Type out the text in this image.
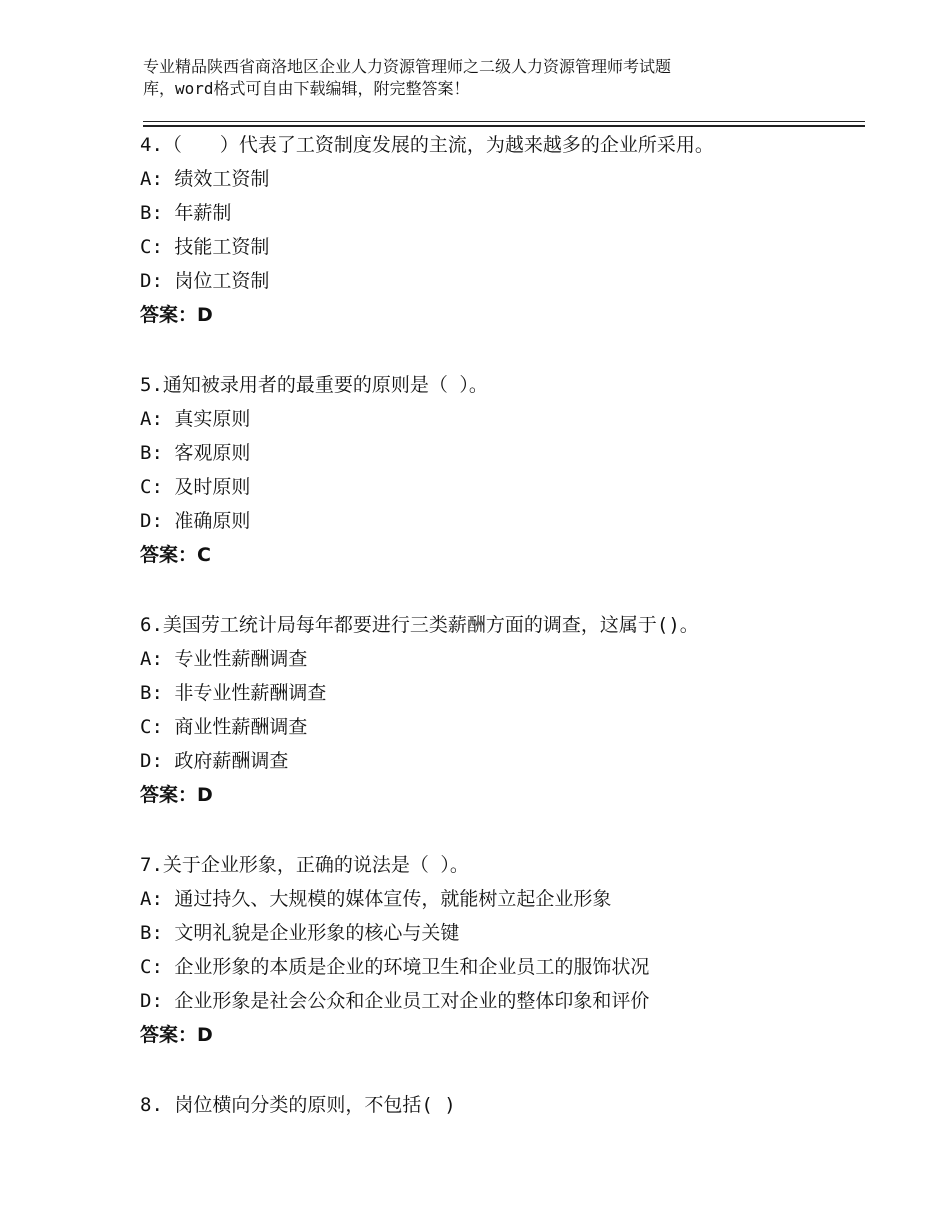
专业精品陕西省商洛地区企业人力资源管理师之二级人力资源管理师考试题
库，word格式可自由下载编辑，附完整答案！
4.（　　）代表了工资制度发展的主流，为越来越多的企业所采用。
A: 绩效工资制
B: 年薪制
C: 技能工资制
D: 岗位工资制
答案：D
5.通知被录用者的最重要的原则是（ ）。
A: 真实原则
B: 客观原则
C: 及时原则
D: 准确原则
答案：C
6.美国劳工统计局每年都要进行三类薪酬方面的调查，这属于()。
A: 专业性薪酬调查
B: 非专业性薪酬调查
C: 商业性薪酬调查
D: 政府薪酬调查
答案：D
7.关于企业形象，正确的说法是（ ）。
A: 通过持久、大规模的媒体宣传，就能树立起企业形象
B: 文明礼貌是企业形象的核心与关键
C: 企业形象的本质是企业的环境卫生和企业员工的服饰状况
D: 企业形象是社会公众和企业员工对企业的整体印象和评价
答案：D
8. 岗位横向分类的原则，不包括( )
